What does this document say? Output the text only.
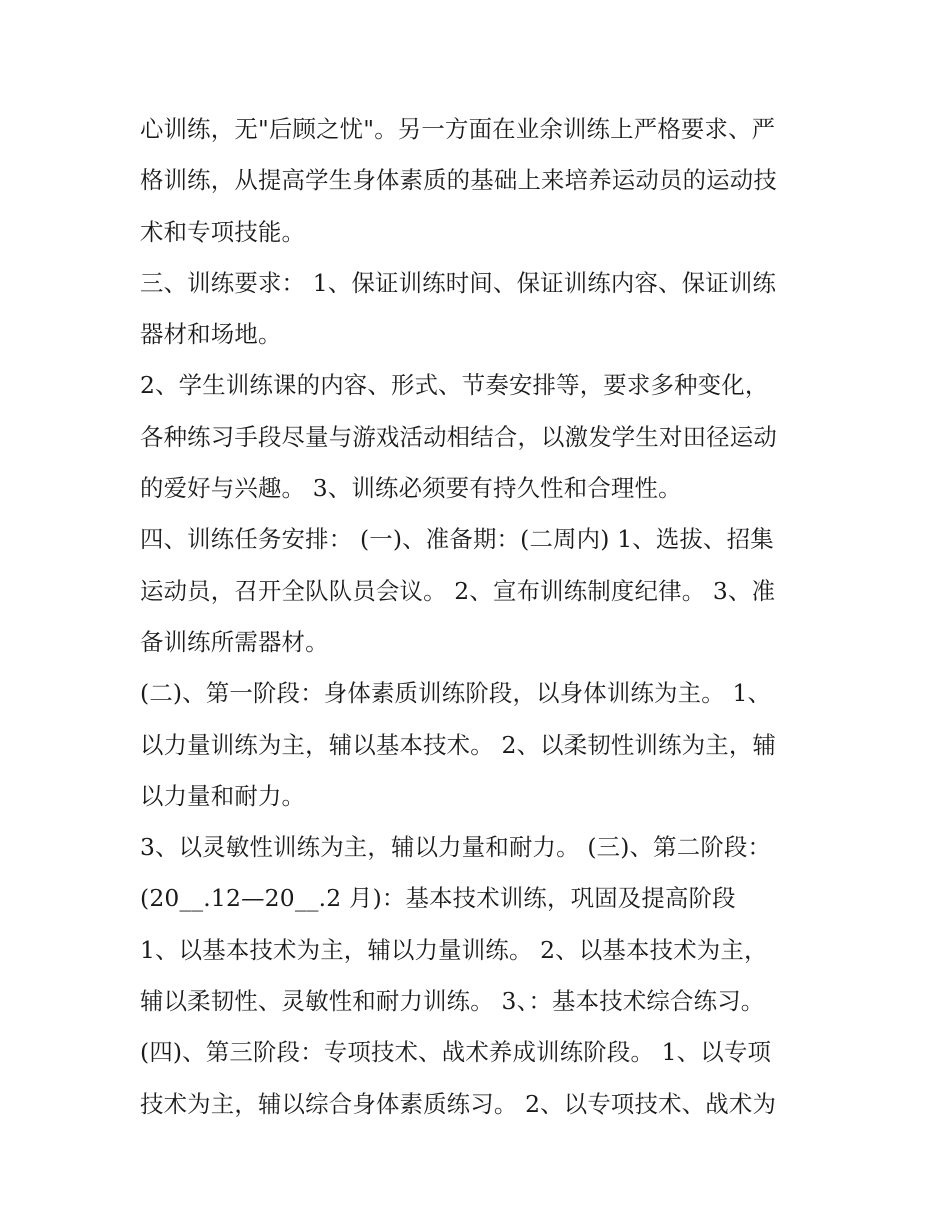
心训练，无"后顾之忧"。另一方面在业余训练上严格要求、严
格训练，从提高学生身体素质的基础上来培养运动员的运动技
术和专项技能。
三、训练要求： 1、保证训练时间、保证训练内容、保证训练
器材和场地。
2、学生训练课的内容、形式、节奏安排等，要求多种变化，
各种练习手段尽量与游戏活动相结合，以激发学生对田径运动
的爱好与兴趣。 3、训练必须要有持久性和合理性。
四、训练任务安排： (一)、准备期：(二周内) 1、选拔、招集
运动员，召开全队队员会议。 2、宣布训练制度纪律。 3、准
备训练所需器材。
(二)、第一阶段：身体素质训练阶段，以身体训练为主。 1、
以力量训练为主，辅以基本技术。 2、以柔韧性训练为主，辅
以力量和耐力。
3、以灵敏性训练为主，辅以力量和耐力。 (三)、第二阶段：
(20__.12—20__.2 月)：基本技术训练，巩固及提高阶段
1、以基本技术为主，辅以力量训练。 2、以基本技术为主，
辅以柔韧性、灵敏性和耐力训练。 3、：基本技术综合练习。
(四)、第三阶段：专项技术、战术养成训练阶段。 1、以专项
技术为主，辅以综合身体素质练习。 2、以专项技术、战术为
